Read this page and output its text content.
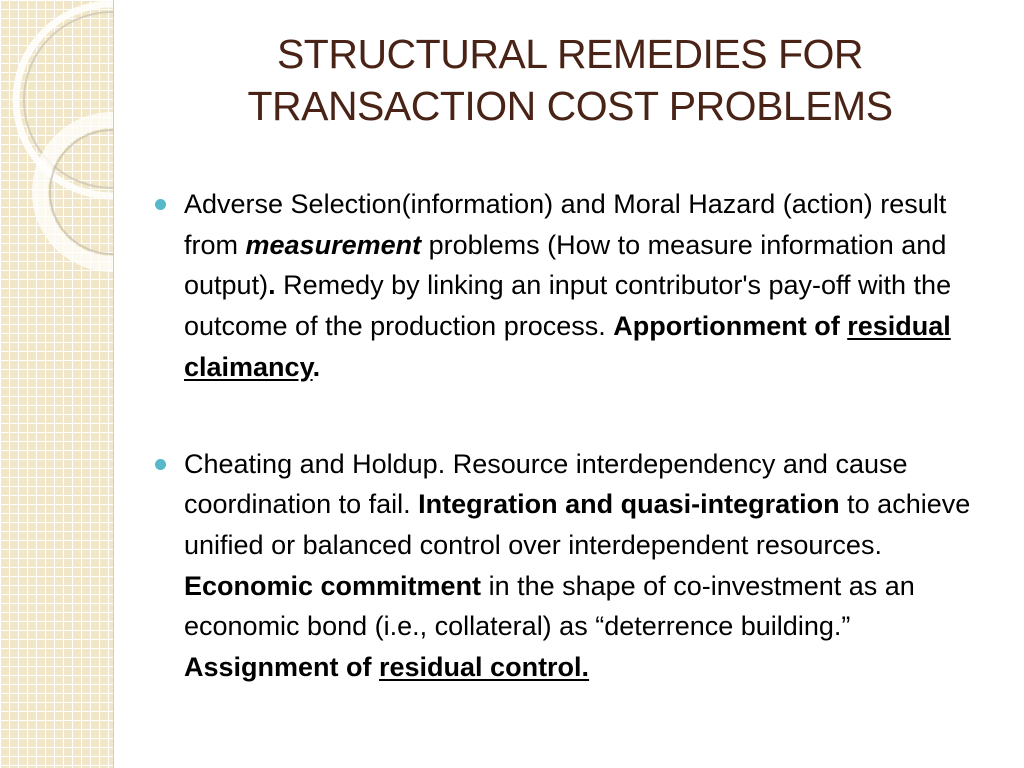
STRUCTURAL REMEDIES FOR
TRANSACTION COST PROBLEMS
Adverse Selection(information) and Moral Hazard (action) result from measurement problems (How to measure information and output). Remedy by linking an input contributor's pay-off with the outcome of the production process. Apportionment of residual claimancy.
Cheating and Holdup. Resource interdependency and cause coordination to fail. Integration and quasi-integration to achieve unified or balanced control over interdependent resources. Economic commitment in the shape of co-investment as an economic bond (i.e., collateral) as “deterrence building.” Assignment of residual control.
